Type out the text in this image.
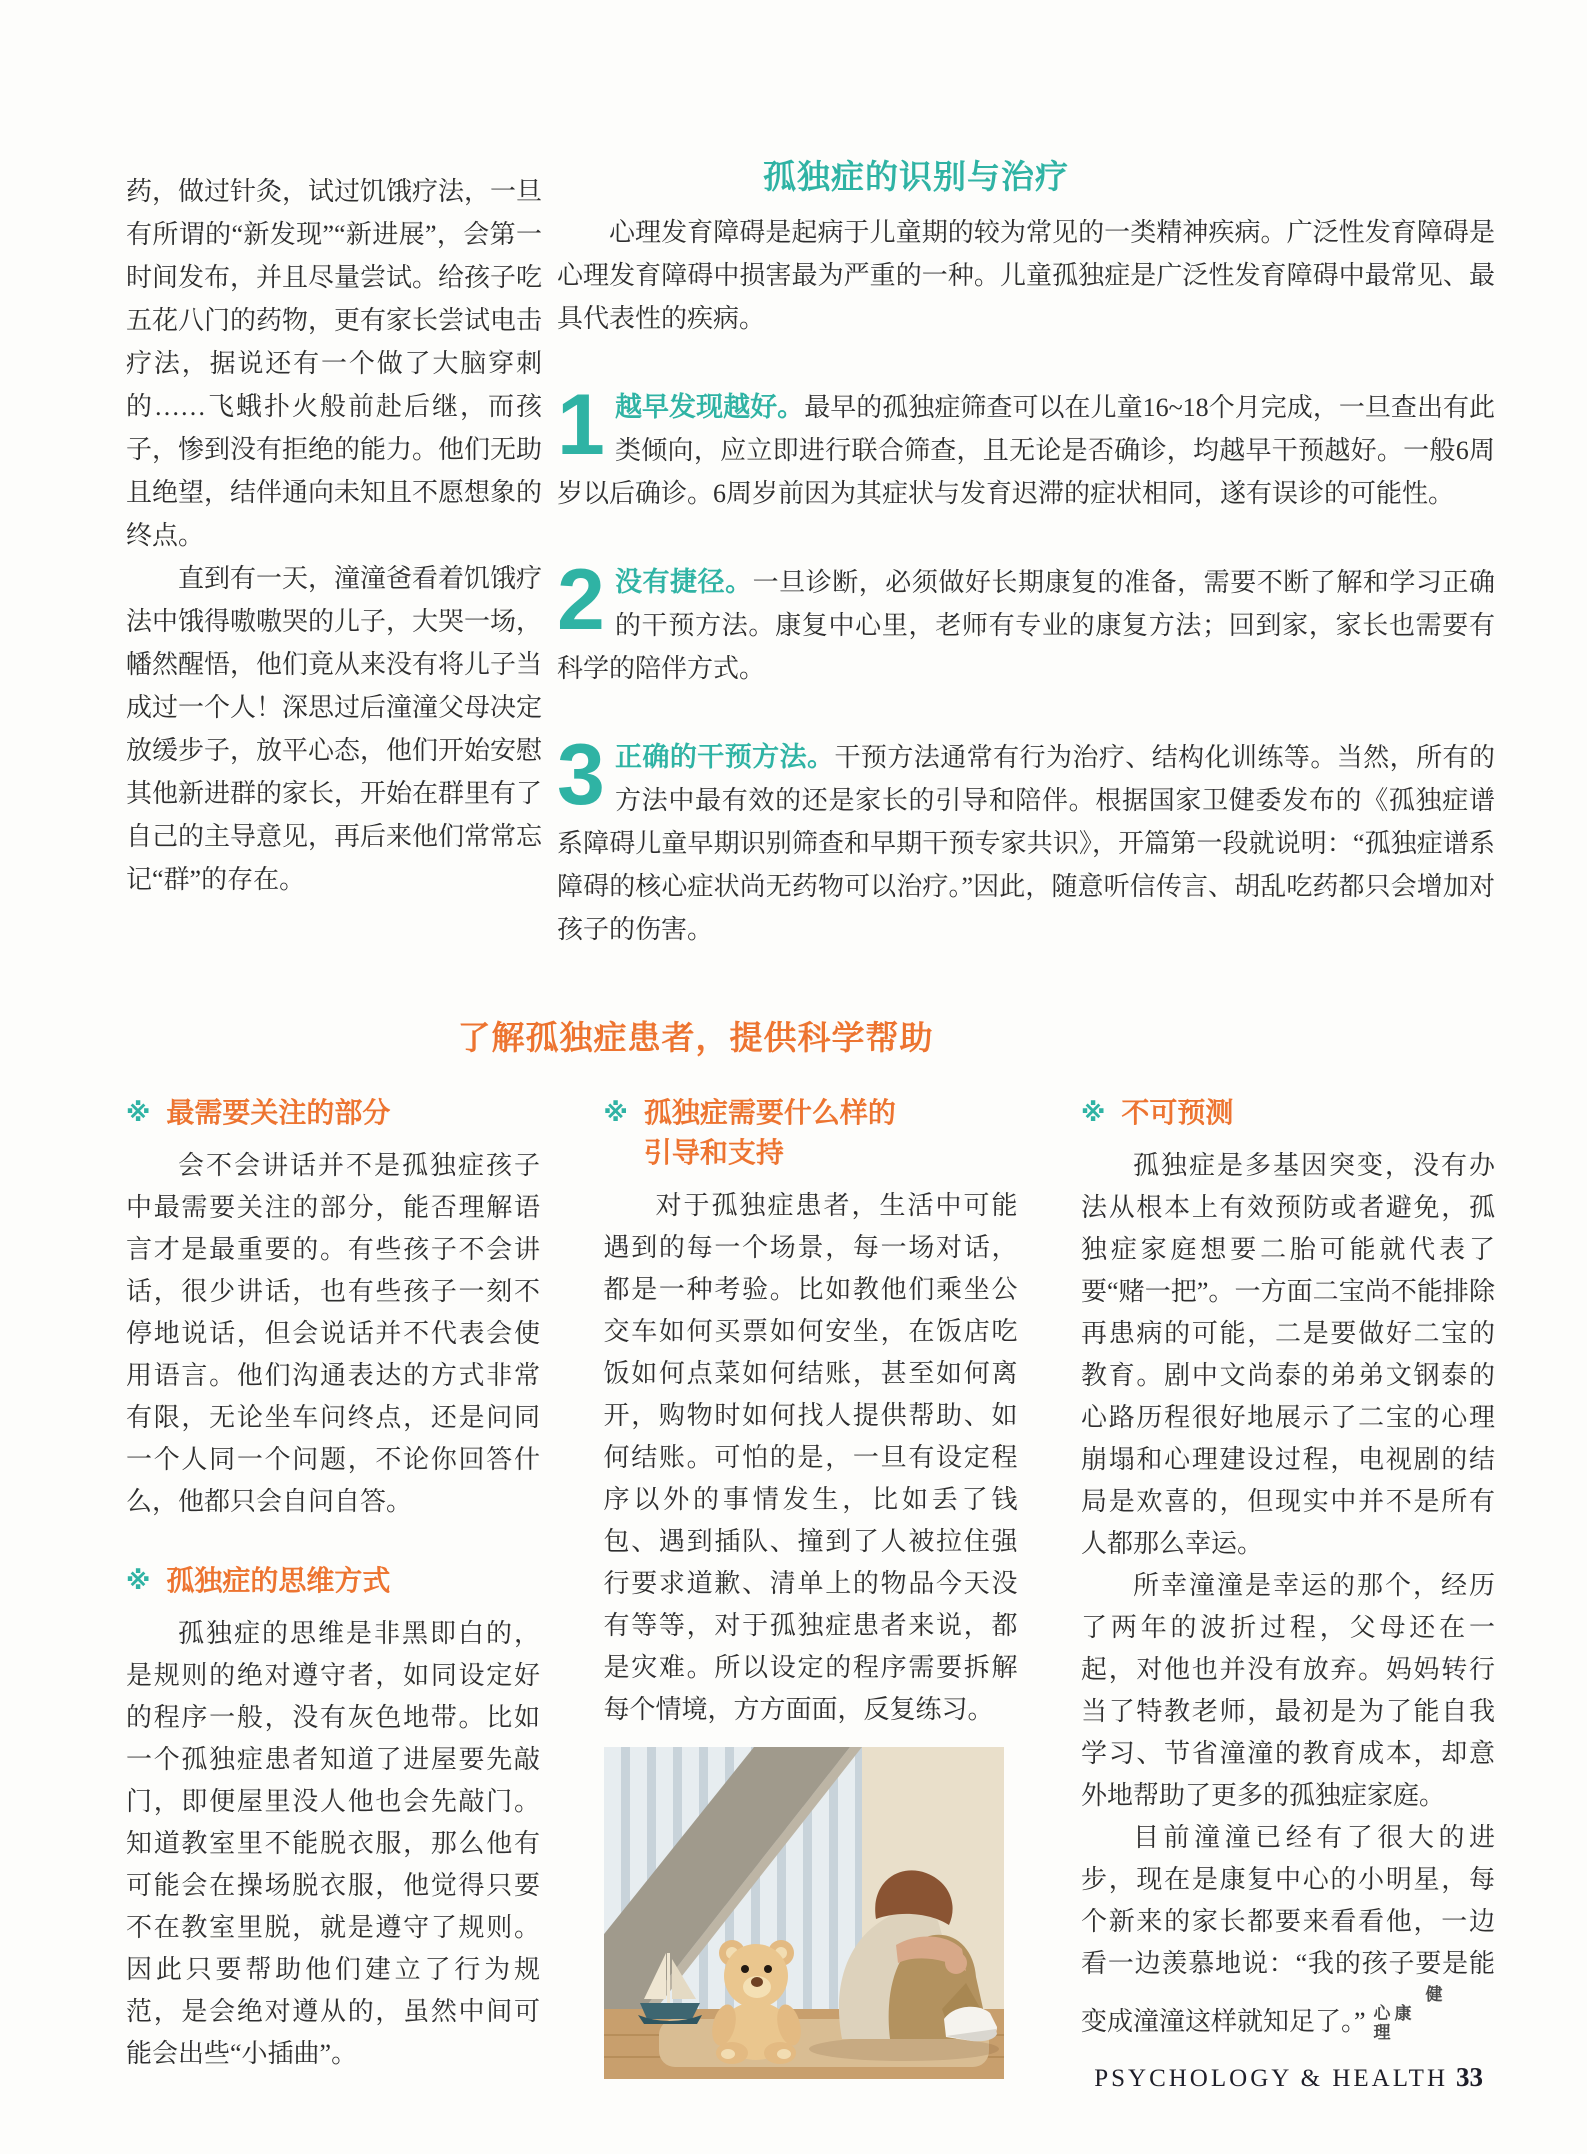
药，做过针灸，试过饥饿疗法，一旦有所谓的“新发现”“新进展”，会第一时间发布，并且尽量尝试。给孩子吃五花八门的药物，更有家长尝试电击疗法，据说还有一个做了大脑穿刺的……飞蛾扑火般前赴后继，而孩子，惨到没有拒绝的能力。他们无助且绝望，结伴通向未知且不愿想象的终点。

直到有一天，潼潼爸看着饥饿疗法中饿得嗷嗷哭的儿子，大哭一场，幡然醒悟，他们竟从来没有将儿子当成过一个人！深思过后潼潼父母决定放缓步子，放平心态，他们开始安慰其他新进群的家长，开始在群里有了自己的主导意见，再后来他们常常忘记“群”的存在。

孤独症的识别与治疗

心理发育障碍是起病于儿童期的较为常见的一类精神疾病。广泛性发育障碍是心理发育障碍中损害最为严重的一种。儿童孤独症是广泛性发育障碍中最常见、最具代表性的疾病。

1 越早发现越好。最早的孤独症筛查可以在儿童16~18个月完成，一旦查出有此类倾向，应立即进行联合筛查，且无论是否确诊，均越早干预越好。一般6周岁以后确诊。6周岁前因为其症状与发育迟滞的症状相同，遂有误诊的可能性。

2 没有捷径。一旦诊断，必须做好长期康复的准备，需要不断了解和学习正确的干预方法。康复中心里，老师有专业的康复方法；回到家，家长也需要有科学的陪伴方式。

3 正确的干预方法。干预方法通常有行为治疗、结构化训练等。当然，所有的方法中最有效的还是家长的引导和陪伴。根据国家卫健委发布的《孤独症谱系障碍儿童早期识别筛查和早期干预专家共识》，开篇第一段就说明：“孤独症谱系障碍的核心症状尚无药物可以治疗。”因此，随意听信传言、胡乱吃药都只会增加对孩子的伤害。

了解孤独症患者，提供科学帮助
※ 最需要关注的部分

会不会讲话并不是孤独症孩子中最需要关注的部分，能否理解语言才是最重要的。有些孩子不会讲话，很少讲话，也有些孩子一刻不停地说话，但会说话并不代表会使用语言。他们沟通表达的方式非常有限，无论坐车问终点，还是问同一个人同一个问题，不论你回答什么，他都只会自问自答。

※ 孤独症的思维方式

孤独症的思维是非黑即白的，是规则的绝对遵守者，如同设定好的程序一般，没有灰色地带。比如一个孤独症患者知道了进屋要先敲门，即便屋里没人他也会先敲门。知道教室里不能脱衣服，那么他有可能会在操场脱衣服，他觉得只要不在教室里脱，就是遵守了规则。因此只要帮助他们建立了行为规范，是会绝对遵从的，虽然中间可能会出些“小插曲”。

※ 孤独症需要什么样的引导和支持

对于孤独症患者，生活中可能遇到的每一个场景，每一场对话，都是一种考验。比如教他们乘坐公交车如何买票如何安坐，在饭店吃饭如何点菜如何结账，甚至如何离开，购物时如何找人提供帮助、如何结账。可怕的是，一旦有设定程序以外的事情发生，比如丢了钱包、遇到插队、撞到了人被拉住强行要求道歉、清单上的物品今天没有等等，对于孤独症患者来说，都是灾难。所以设定的程序需要拆解每个情境，方方面面，反复练习。

※ 不可预测

孤独症是多基因突变，没有办法从根本上有效预防或者避免，孤独症家庭想要二胎可能就代表了要“赌一把”。一方面二宝尚不能排除再患病的可能，二是要做好二宝的教育。剧中文尚泰的弟弟文钢泰的心路历程很好地展示了二宝的心理崩塌和心理建设过程，电视剧的结局是欢喜的，但现实中并不是所有人都那么幸运。

所幸潼潼是幸运的那个，经历了两年的波折过程，父母还在一起，对他也并没有放弃。妈妈转行当了特教老师，最初是为了能自我学习、节省潼潼的教育成本，却意外地帮助了更多的孤独症家庭。

目前潼潼已经有了很大的进步，现在是康复中心的小明星，每个新来的家长都要来看看他，一边看一边羡慕地说：“我的孩子要是能变成潼潼这样就知足了。”健心康理

PSYCHOLOGY & HEALTH 33
